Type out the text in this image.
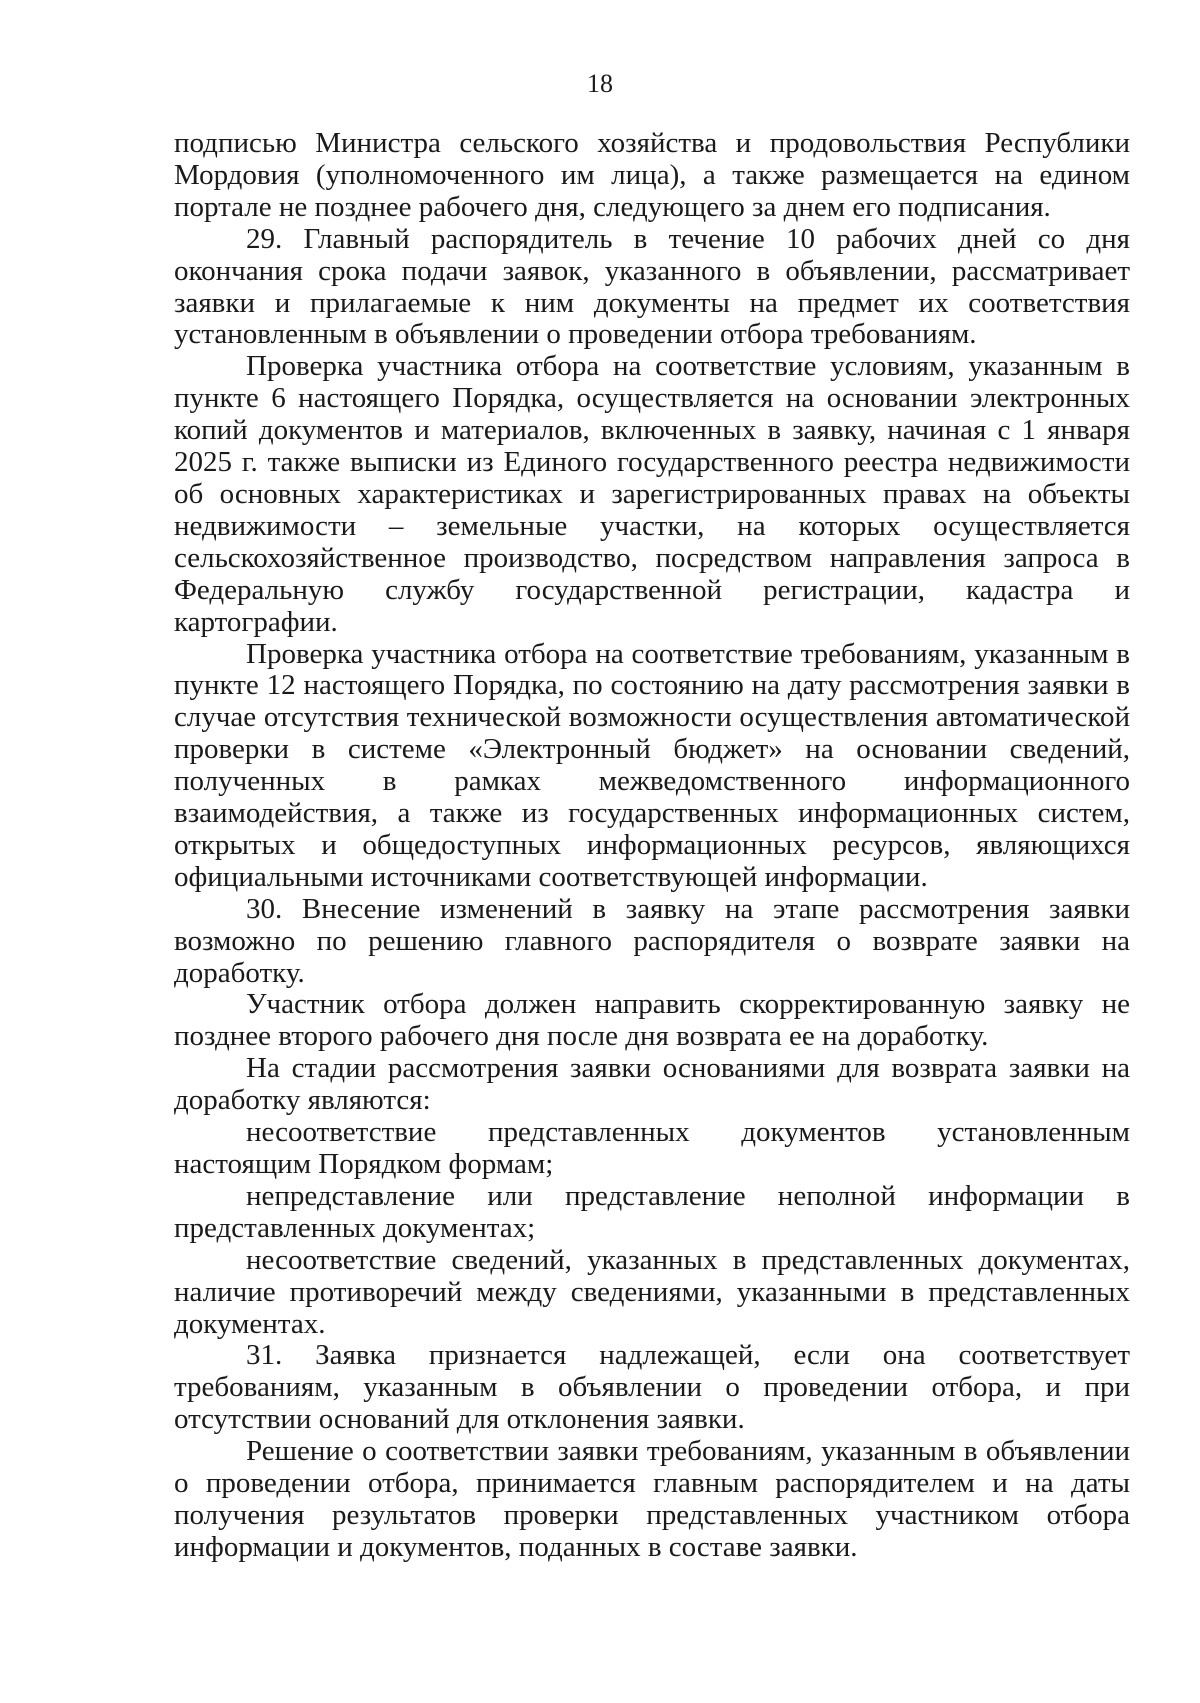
18

подписью Министра сельского хозяйства и продовольствия Республики Мордовия (уполномоченного им лица), а также размещается на едином портале не позднее рабочего дня, следующего за днем его подписания.

29. Главный распорядитель в течение 10 рабочих дней со дня окончания срока подачи заявок, указанного в объявлении, рассматривает заявки и прилагаемые к ним документы на предмет их соответствия установленным в объявлении о проведении отбора требованиям.

Проверка участника отбора на соответствие условиям, указанным в пункте 6 настоящего Порядка, осуществляется на основании электронных копий документов и материалов, включенных в заявку, начиная с 1 января 2025 г. также выписки из Единого государственного реестра недвижимости об основных характеристиках и зарегистрированных правах на объекты недвижимости – земельные участки, на которых осуществляется сельскохозяйственное производство, посредством направления запроса в Федеральную службу государственной регистрации, кадастра и картографии.

Проверка участника отбора на соответствие требованиям, указанным в пункте 12 настоящего Порядка, по состоянию на дату рассмотрения заявки в случае отсутствия технической возможности осуществления автоматической проверки в системе «Электронный бюджет» на основании сведений, полученных в рамках межведомственного информационного взаимодействия, а также из государственных информационных систем, открытых и общедоступных информационных ресурсов, являющихся официальными источниками соответствующей информации.

30. Внесение изменений в заявку на этапе рассмотрения заявки возможно по решению главного распорядителя о возврате заявки на доработку.

Участник отбора должен направить скорректированную заявку не позднее второго рабочего дня после дня возврата ее на доработку.

На стадии рассмотрения заявки основаниями для возврата заявки на доработку являются:

несоответствие представленных документов установленным настоящим Порядком формам;

непредставление или представление неполной информации в представленных документах;

несоответствие сведений, указанных в представленных документах, наличие противоречий между сведениями, указанными в представленных документах.

31. Заявка признается надлежащей, если она соответствует требованиям, указанным в объявлении о проведении отбора, и при отсутствии оснований для отклонения заявки.

Решение о соответствии заявки требованиям, указанным в объявлении о проведении отбора, принимается главным распорядителем и на даты получения результатов проверки представленных участником отбора информации и документов, поданных в составе заявки.
